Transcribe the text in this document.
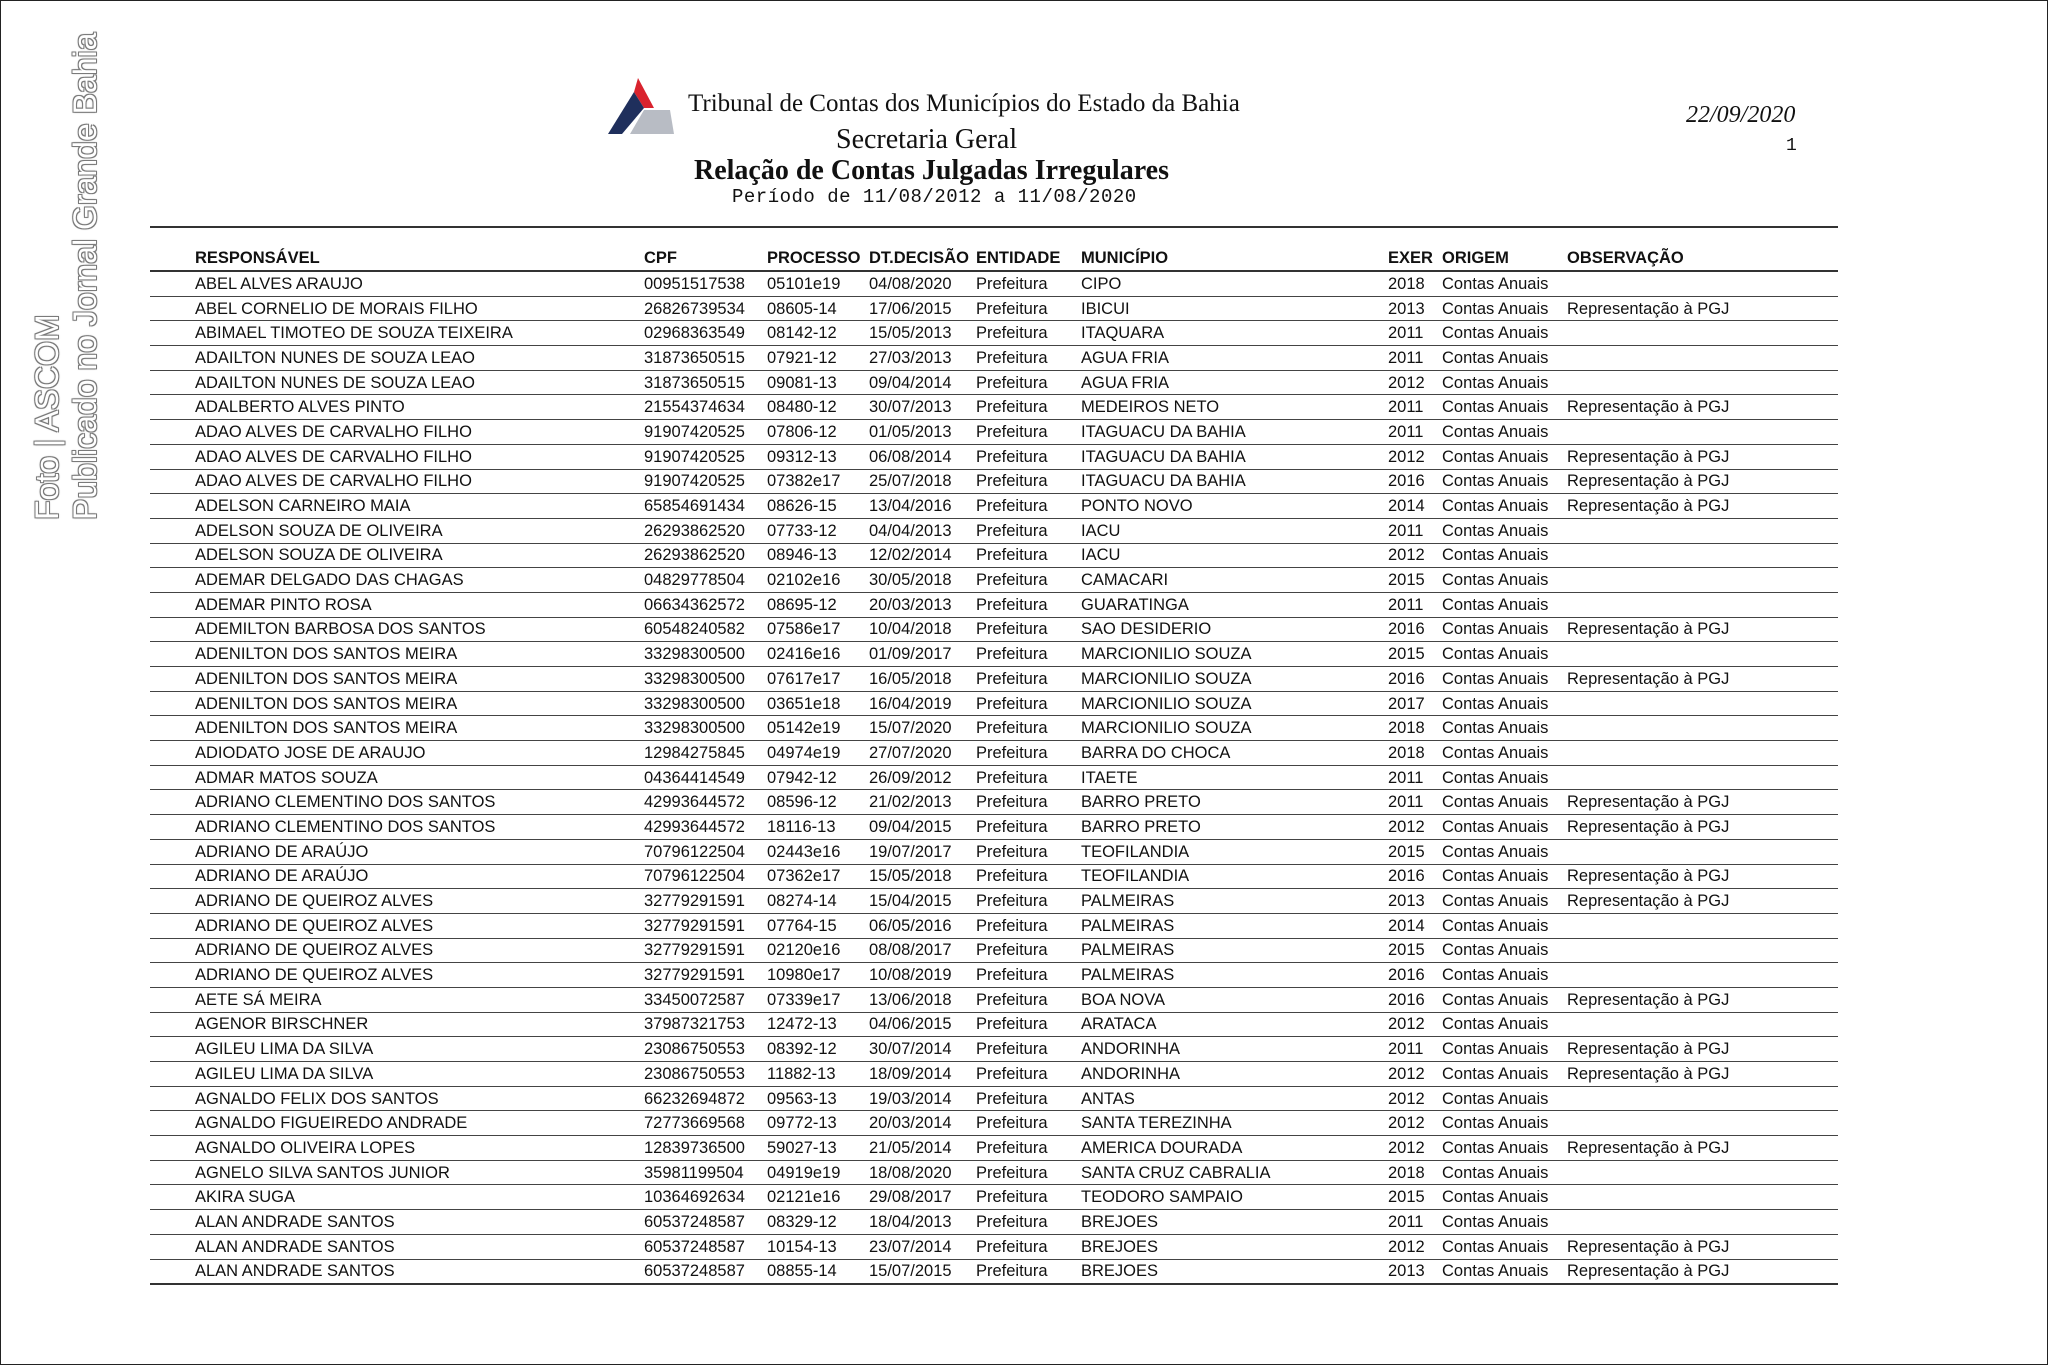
Foto | ASCOM Publicado no Jornal Grande Bahia	Tribunal de Contas dos Municípios do Estado da Bahia
Secretaria Geral
Relação de Contas Julgadas Irregulares
Período de 11/08/2012 a 11/08/2020
22/09/2020
1
RESPONSÁVEL	CPF	PROCESSO	DT.DECISÃO	ENTIDADE	MUNICÍPIO	EXER	ORIGEM	OBSERVAÇÃO
ABEL ALVES ARAUJO	00951517538	05101e19	04/08/2020	Prefeitura	CIPO	2018	Contas Anuais	
ABEL CORNELIO DE MORAIS FILHO	26826739534	08605-14	17/06/2015	Prefeitura	IBICUI	2013	Contas Anuais	Representação à PGJ
ABIMAEL TIMOTEO DE SOUZA TEIXEIRA	02968363549	08142-12	15/05/2013	Prefeitura	ITAQUARA	2011	Contas Anuais	
ADAILTON NUNES DE SOUZA LEAO	31873650515	07921-12	27/03/2013	Prefeitura	AGUA FRIA	2011	Contas Anuais	
ADAILTON NUNES DE SOUZA LEAO	31873650515	09081-13	09/04/2014	Prefeitura	AGUA FRIA	2012	Contas Anuais	
ADALBERTO ALVES PINTO	21554374634	08480-12	30/07/2013	Prefeitura	MEDEIROS NETO	2011	Contas Anuais	Representação à PGJ
ADAO ALVES DE CARVALHO FILHO	91907420525	07806-12	01/05/2013	Prefeitura	ITAGUACU DA BAHIA	2011	Contas Anuais	
ADAO ALVES DE CARVALHO FILHO	91907420525	09312-13	06/08/2014	Prefeitura	ITAGUACU DA BAHIA	2012	Contas Anuais	Representação à PGJ
ADAO ALVES DE CARVALHO FILHO	91907420525	07382e17	25/07/2018	Prefeitura	ITAGUACU DA BAHIA	2016	Contas Anuais	Representação à PGJ
ADELSON CARNEIRO MAIA	65854691434	08626-15	13/04/2016	Prefeitura	PONTO NOVO	2014	Contas Anuais	Representação à PGJ
ADELSON SOUZA DE OLIVEIRA	26293862520	07733-12	04/04/2013	Prefeitura	IACU	2011	Contas Anuais	
ADELSON SOUZA DE OLIVEIRA	26293862520	08946-13	12/02/2014	Prefeitura	IACU	2012	Contas Anuais	
ADEMAR DELGADO DAS CHAGAS	04829778504	02102e16	30/05/2018	Prefeitura	CAMACARI	2015	Contas Anuais	
ADEMAR PINTO ROSA	06634362572	08695-12	20/03/2013	Prefeitura	GUARATINGA	2011	Contas Anuais	
ADEMILTON BARBOSA DOS SANTOS	60548240582	07586e17	10/04/2018	Prefeitura	SAO DESIDERIO	2016	Contas Anuais	Representação à PGJ
ADENILTON DOS SANTOS MEIRA	33298300500	02416e16	01/09/2017	Prefeitura	MARCIONILIO SOUZA	2015	Contas Anuais	
ADENILTON DOS SANTOS MEIRA	33298300500	07617e17	16/05/2018	Prefeitura	MARCIONILIO SOUZA	2016	Contas Anuais	Representação à PGJ
ADENILTON DOS SANTOS MEIRA	33298300500	03651e18	16/04/2019	Prefeitura	MARCIONILIO SOUZA	2017	Contas Anuais	
ADENILTON DOS SANTOS MEIRA	33298300500	05142e19	15/07/2020	Prefeitura	MARCIONILIO SOUZA	2018	Contas Anuais	
ADIODATO JOSE DE ARAUJO	12984275845	04974e19	27/07/2020	Prefeitura	BARRA DO CHOCA	2018	Contas Anuais	
ADMAR MATOS SOUZA	04364414549	07942-12	26/09/2012	Prefeitura	ITAETE	2011	Contas Anuais	
ADRIANO CLEMENTINO DOS SANTOS	42993644572	08596-12	21/02/2013	Prefeitura	BARRO PRETO	2011	Contas Anuais	Representação à PGJ
ADRIANO CLEMENTINO DOS SANTOS	42993644572	18116-13	09/04/2015	Prefeitura	BARRO PRETO	2012	Contas Anuais	Representação à PGJ
ADRIANO DE ARAÚJO	70796122504	02443e16	19/07/2017	Prefeitura	TEOFILANDIA	2015	Contas Anuais	
ADRIANO DE ARAÚJO	70796122504	07362e17	15/05/2018	Prefeitura	TEOFILANDIA	2016	Contas Anuais	Representação à PGJ
ADRIANO DE QUEIROZ ALVES	32779291591	08274-14	15/04/2015	Prefeitura	PALMEIRAS	2013	Contas Anuais	Representação à PGJ
ADRIANO DE QUEIROZ ALVES	32779291591	07764-15	06/05/2016	Prefeitura	PALMEIRAS	2014	Contas Anuais	
ADRIANO DE QUEIROZ ALVES	32779291591	02120e16	08/08/2017	Prefeitura	PALMEIRAS	2015	Contas Anuais	
ADRIANO DE QUEIROZ ALVES	32779291591	10980e17	10/08/2019	Prefeitura	PALMEIRAS	2016	Contas Anuais	
AETE SÁ MEIRA	33450072587	07339e17	13/06/2018	Prefeitura	BOA NOVA	2016	Contas Anuais	Representação à PGJ
AGENOR BIRSCHNER	37987321753	12472-13	04/06/2015	Prefeitura	ARATACA	2012	Contas Anuais	
AGILEU LIMA DA SILVA	23086750553	08392-12	30/07/2014	Prefeitura	ANDORINHA	2011	Contas Anuais	Representação à PGJ
AGILEU LIMA DA SILVA	23086750553	11882-13	18/09/2014	Prefeitura	ANDORINHA	2012	Contas Anuais	Representação à PGJ
AGNALDO FELIX DOS SANTOS	66232694872	09563-13	19/03/2014	Prefeitura	ANTAS	2012	Contas Anuais	
AGNALDO FIGUEIREDO ANDRADE	72773669568	09772-13	20/03/2014	Prefeitura	SANTA TEREZINHA	2012	Contas Anuais	
AGNALDO OLIVEIRA LOPES	12839736500	59027-13	21/05/2014	Prefeitura	AMERICA DOURADA	2012	Contas Anuais	Representação à PGJ
AGNELO SILVA SANTOS JUNIOR	35981199504	04919e19	18/08/2020	Prefeitura	SANTA CRUZ CABRALIA	2018	Contas Anuais	
AKIRA SUGA	10364692634	02121e16	29/08/2017	Prefeitura	TEODORO SAMPAIO	2015	Contas Anuais	
ALAN ANDRADE SANTOS	60537248587	08329-12	18/04/2013	Prefeitura	BREJOES	2011	Contas Anuais	
ALAN ANDRADE SANTOS	60537248587	10154-13	23/07/2014	Prefeitura	BREJOES	2012	Contas Anuais	Representação à PGJ
ALAN ANDRADE SANTOS	60537248587	08855-14	15/07/2015	Prefeitura	BREJOES	2013	Contas Anuais	Representação à PGJ
